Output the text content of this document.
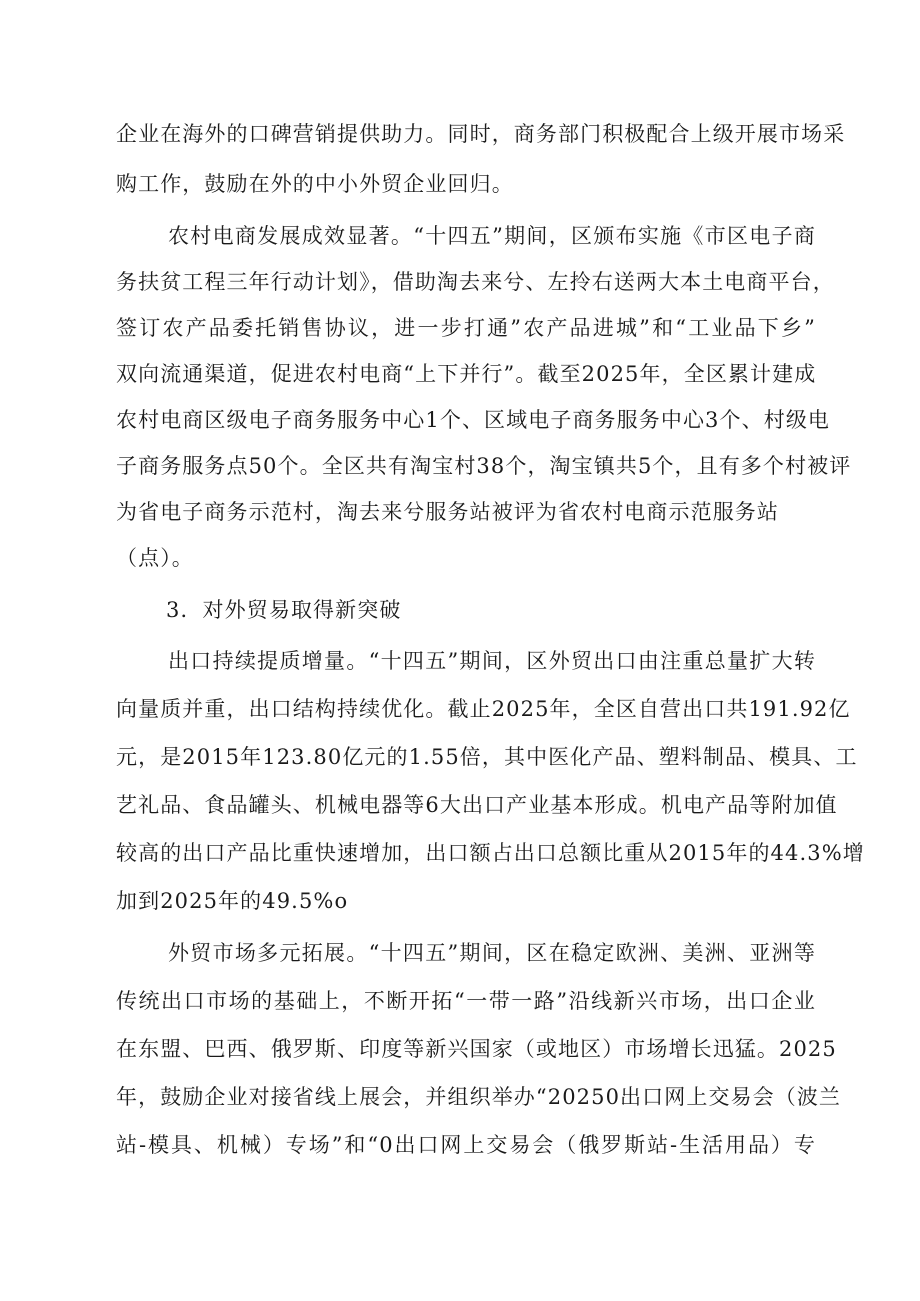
企业在海外的口碑营销提供助力。同时，商务部门积极配合上级开展市场采
购工作，鼓励在外的中小外贸企业回归。
农村电商发展成效显著。“十四五”期间，区颁布实施《市区电子商
务扶贫工程三年行动计划》，借助淘去来兮、左拎右送两大本土电商平台，
签订农产品委托销售协议，进一步打通”农产品进城”和“工业品下乡”
双向流通渠道，促进农村电商“上下并行”。截至2025年，全区累计建成
农村电商区级电子商务服务中心1个、区域电子商务服务中心3个、村级电
子商务服务点50个。全区共有淘宝村38个，淘宝镇共5个，且有多个村被评
为省电子商务示范村，淘去来兮服务站被评为省农村电商示范服务站
（点）。
3．对外贸易取得新突破
出口持续提质增量。“十四五”期间，区外贸出口由注重总量扩大转
向量质并重，出口结构持续优化。截止2025年，全区自营出口共191.92亿
元，是2015年123.80亿元的1.55倍，其中医化产品、塑料制品、模具、工
艺礼品、食品罐头、机械电器等6大出口产业基本形成。机电产品等附加值
较高的出口产品比重快速增加，出口额占出口总额比重从2015年的44.3%增
加到2025年的49.5%o
外贸市场多元拓展。“十四五”期间，区在稳定欧洲、美洲、亚洲等
传统出口市场的基础上，不断开拓“一带一路”沿线新兴市场，出口企业
在东盟、巴西、俄罗斯、印度等新兴国家（或地区）市场增长迅猛。2025
年，鼓励企业对接省线上展会，并组织举办“20250出口网上交易会（波兰
站-模具、机械）专场”和“0出口网上交易会（俄罗斯站-生活用品）专
